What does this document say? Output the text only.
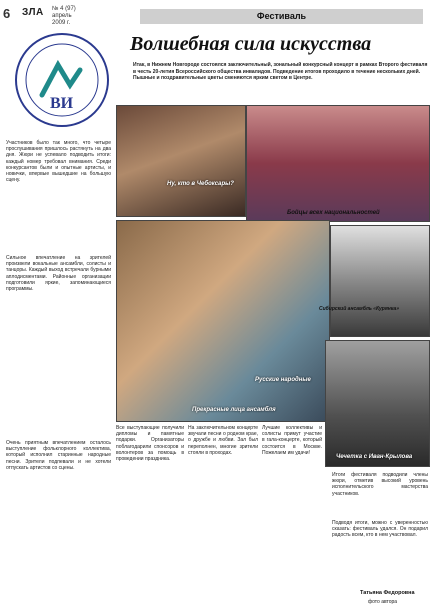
6 ЗЛА № 4 (97) апрель 2009 г.
Фестиваль
ВИ
Волшебная сила искусства
Итак, в Нижнем Новгороде состоялся заключительный, зональный конкурсный концерт в рамках Второго фестиваля в честь 20-летия Всероссийского общества инвалидов. Подведение итогов проходило в течение нескольких дней. Пышные и поздравительные цветы сменяются ярким светом в Центре.
Участников было так много, что четыре прослушивания пришлось растянуть на два дня. Жюри не успевало подводить итоги: каждый номер требовал внимания. Среди конкурсантов были и опытные артисты, и новички, впервые вышедшие на большую сцену.
Сильное впечатление на зрителей произвели вокальные ансамбли, солисты и танцоры. Каждый выход встречали бурными аплодисментами. Районные организации подготовили яркие, запоминающиеся программы.
Очень приятным впечатлением осталось выступление фольклорного коллектива, который исполнил старинные народные песни. Зрители подпевали и не хотели отпускать артистов со сцены.
Ну, кто в Чебоксары?
Бойцы всех национальностей
Прекрасные лица ансамбля
Сибирский ансамбль «Курянка»
Все выступающие получили дипломы и памятные подарки. Организаторы поблагодарили спонсоров и волонтеров за помощь в проведении праздника.
На заключительном концерте звучали песни о родном крае, о дружбе и любви. Зал был переполнен, многие зрители стояли в проходах.
Лучшие коллективы и солисты примут участие в гала-концерте, который состоится в Москве. Пожелаем им удачи!
Чечетка с Иван-Крылова
Русские народные
Итоги фестиваля подводили члены жюри, отметив высокий уровень исполнительского мастерства участников.
Подводя итоги, можно с уверенностью сказать: фестиваль удался. Он подарил радость всем, кто в нем участвовал.
Татьяна Федоровна
фото автора
